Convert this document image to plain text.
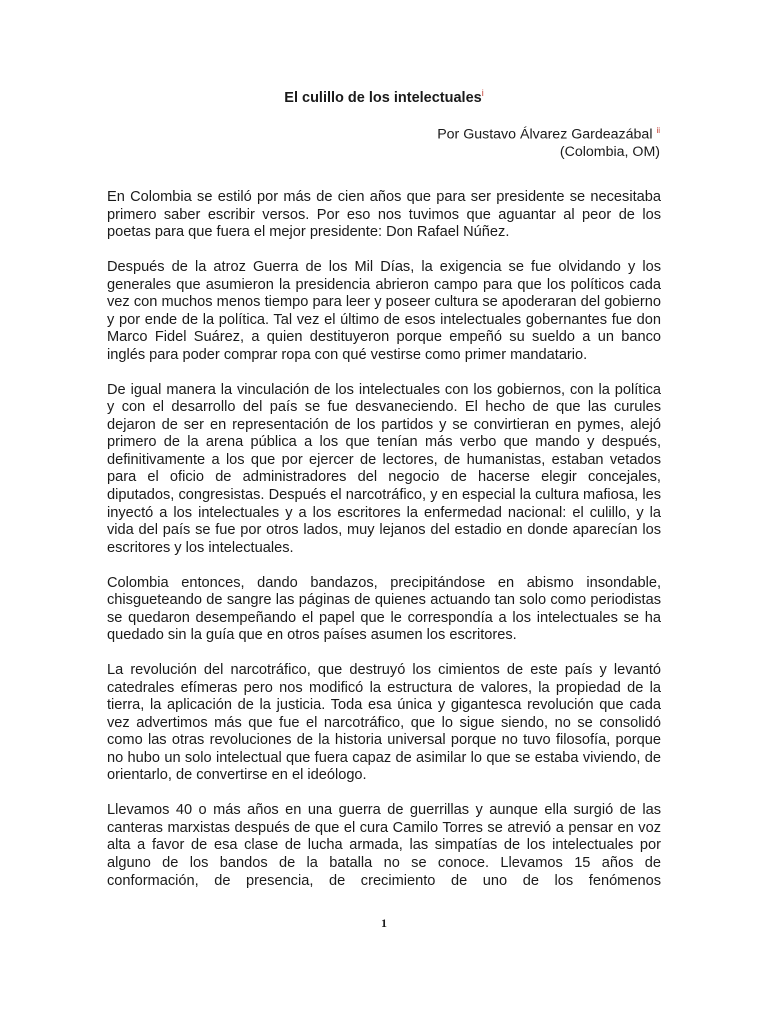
El culillo de los intelectuales$^i$
Por Gustavo Álvarez Gardeazábal $^{ii}$
(Colombia, OM)

En Colombia se estiló por más de cien años que para ser presidente se necesitaba primero saber escribir versos. Por eso nos tuvimos que aguantar al peor de los poetas para que fuera el mejor presidente: Don Rafael Núñez.

Después de la atroz Guerra de los Mil Días, la exigencia se fue olvidando y los generales que asumieron la presidencia abrieron campo para que los políticos cada vez con muchos menos tiempo para leer y poseer cultura se apoderaran del gobierno y por ende de la política. Tal vez el último de esos intelectuales gobernantes fue don Marco Fidel Suárez, a quien destituyeron porque empeñó su sueldo a un banco inglés para poder comprar ropa con qué vestirse como primer mandatario.

De igual manera la vinculación de los intelectuales con los gobiernos, con la política y con el desarrollo del país se fue desvaneciendo. El hecho de que las curules dejaron de ser en representación de los partidos y se convirtieran en pymes, alejó primero de la arena pública a los que tenían más verbo que mando y después, definitivamente a los que por ejercer de lectores, de humanistas, estaban vetados para el oficio de administradores del negocio de hacerse elegir concejales, diputados, congresistas. Después el narcotráfico, y en especial la cultura mafiosa, les inyectó a los intelectuales y a los escritores la enfermedad nacional: el culillo, y la vida del país se fue por otros lados, muy lejanos del estadio en donde aparecían los escritores y los intelectuales.

Colombia entonces, dando bandazos, precipitándose en abismo insondable, chisgueteando de sangre las páginas de quienes actuando tan solo como periodistas se quedaron desempeñando el papel que le correspondía a los intelectuales se ha quedado sin la guía que en otros países asumen los escritores.

La revolución del narcotráfico, que destruyó los cimientos de este país y levantó catedrales efímeras pero nos modificó la estructura de valores, la propiedad de la tierra, la aplicación de la justicia. Toda esa única y gigantesca revolución que cada vez advertimos más que fue el narcotráfico, que lo sigue siendo, no se consolidó como las otras revoluciones de la historia universal porque no tuvo filosofía, porque no hubo un solo intelectual que fuera capaz de asimilar lo que se estaba viviendo, de orientarlo, de convertirse en el ideólogo.

Llevamos 40 o más años en una guerra de guerrillas y aunque ella surgió de las canteras marxistas después de que el cura Camilo Torres se atrevió a pensar en voz alta a favor de esa clase de lucha armada, las simpatías de los intelectuales por alguno de los bandos de la batalla no se conoce. Llevamos 15 años de conformación, de presencia, de crecimiento de uno de los fenómenos

1
